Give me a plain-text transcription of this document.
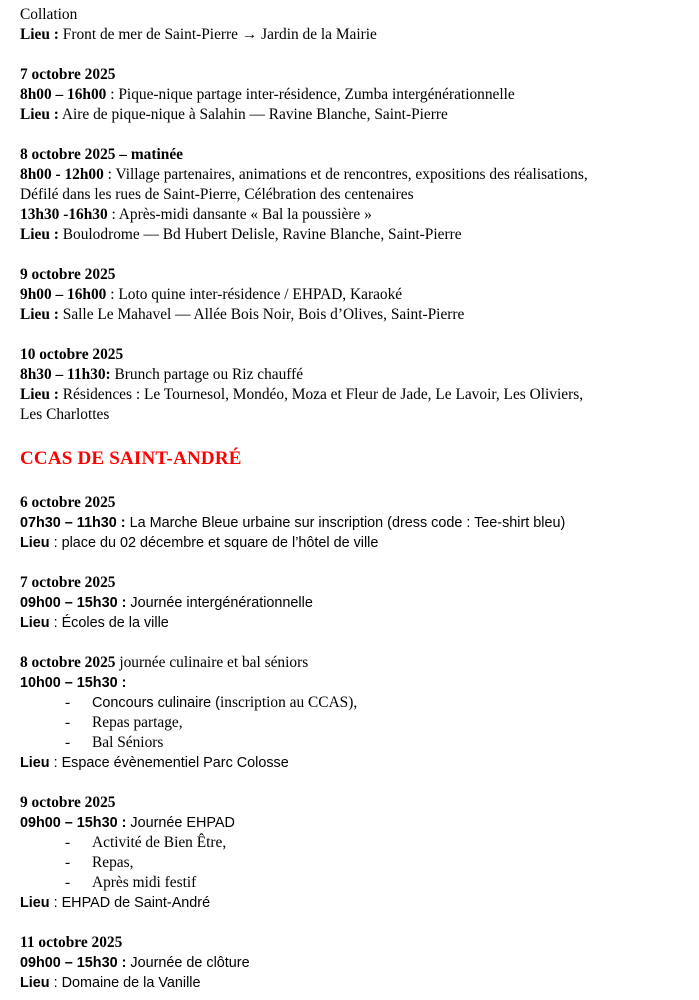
Collation
Lieu : Front de mer de Saint-Pierre → Jardin de la Mairie
7 octobre 2025
8h00 – 16h00 : Pique-nique partage inter-résidence, Zumba intergénérationnelle
Lieu : Aire de pique-nique à Salahin — Ravine Blanche, Saint-Pierre
8 octobre 2025 – matinée
8h00 - 12h00 : Village partenaires, animations et de rencontres, expositions des réalisations,
Défilé dans les rues de Saint-Pierre, Célébration des centenaires
13h30 -16h30 : Après-midi dansante « Bal la poussière »
Lieu : Boulodrome — Bd Hubert Delisle, Ravine Blanche, Saint-Pierre
9 octobre 2025
9h00 – 16h00 : Loto quine inter-résidence / EHPAD, Karaoké
Lieu : Salle Le Mahavel — Allée Bois Noir, Bois d’Olives, Saint-Pierre
10 octobre 2025
8h30 – 11h30: Brunch partage ou Riz chauffé
Lieu : Résidences : Le Tournesol, Mondéo, Moza et Fleur de Jade, Le Lavoir, Les Oliviers,
Les Charlottes
CCAS DE SAINT-ANDRÉ
6 octobre 2025
07h30 – 11h30 : La Marche Bleue urbaine sur inscription (dress code : Tee-shirt bleu)
Lieu : place du 02 décembre et square de l’hôtel de ville
7 octobre 2025
09h00 – 15h30 : Journée intergénérationnelle
Lieu : Écoles de la ville
8 octobre 2025 journée culinaire et bal séniors
10h00 – 15h30 :
- Concours culinaire (inscription au CCAS),
- Repas partage,
- Bal Séniors
Lieu : Espace évènementiel Parc Colosse
9 octobre 2025
09h00 – 15h30 : Journée EHPAD
- Activité de Bien Être,
- Repas,
- Après midi festif
Lieu : EHPAD de Saint-André
11 octobre 2025
09h00 – 15h30 : Journée de clôture
Lieu : Domaine de la Vanille
